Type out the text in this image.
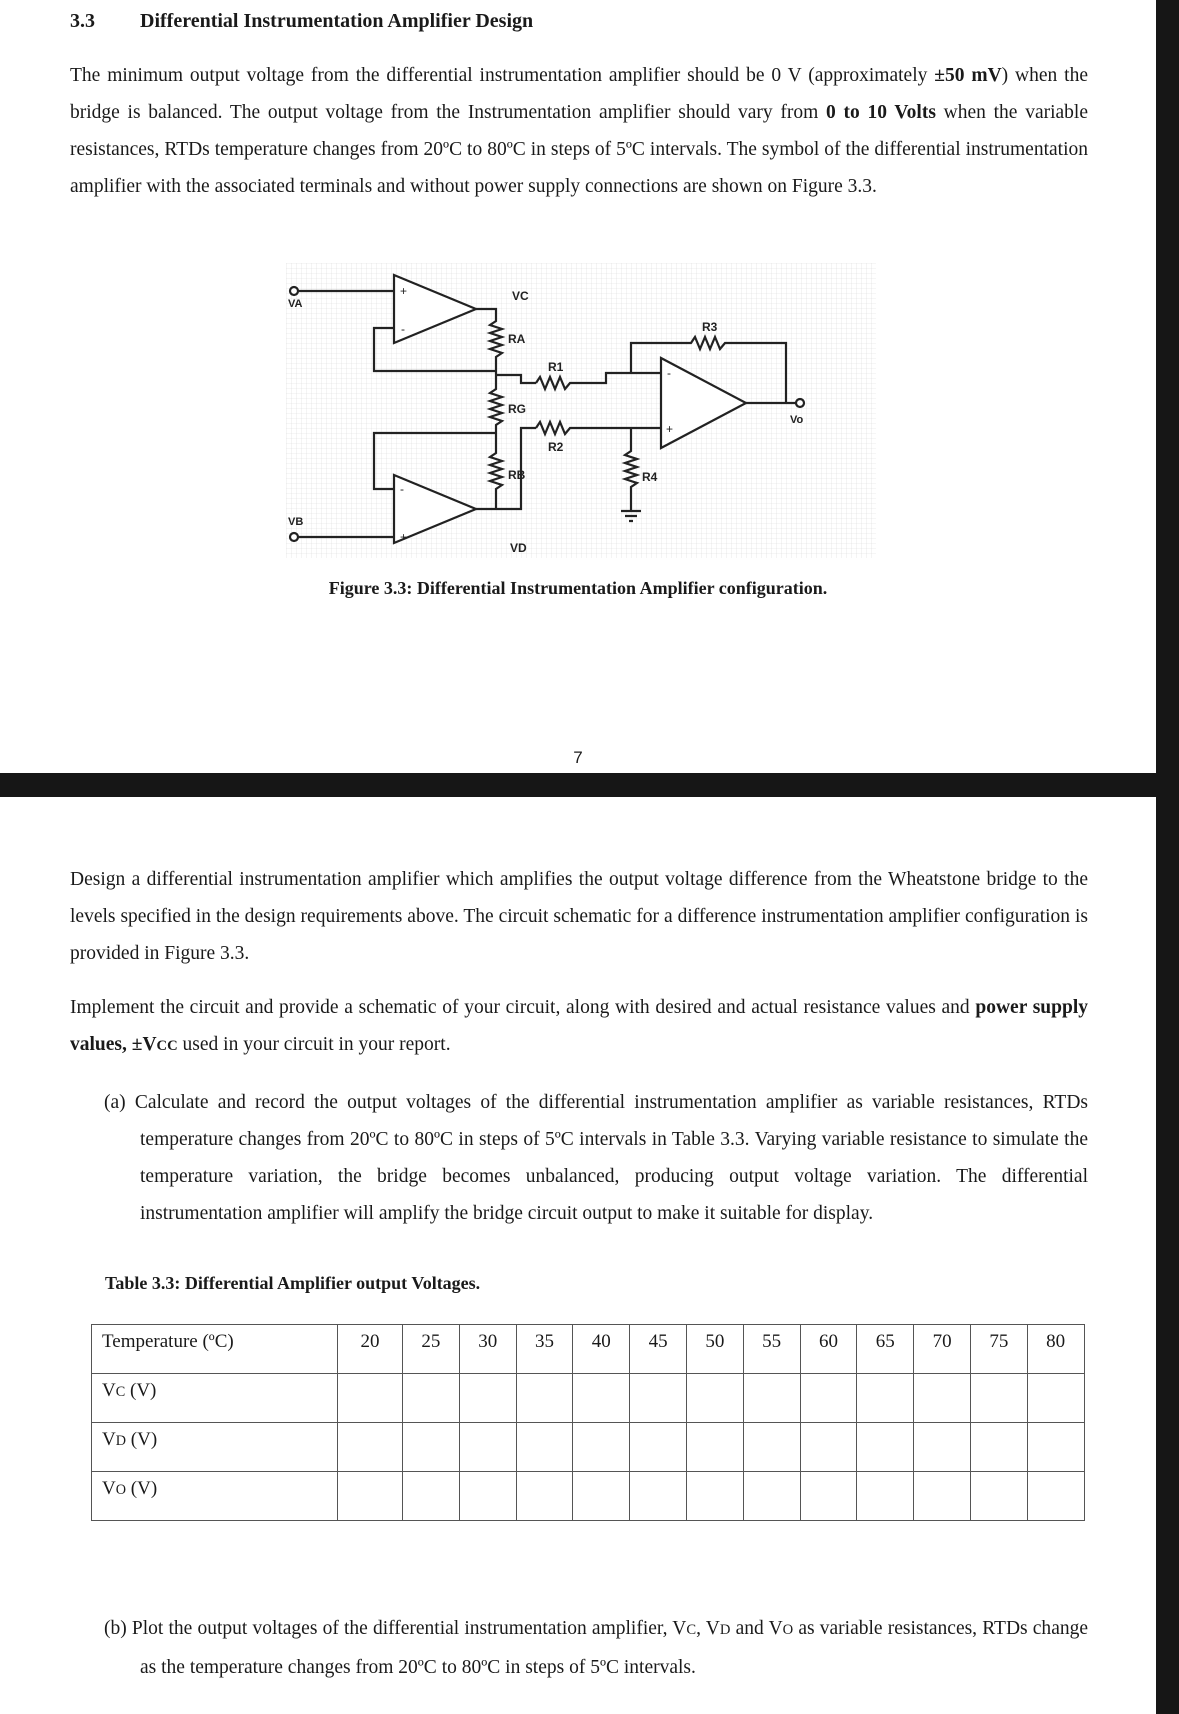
3.3 Differential Instrumentation Amplifier Design
The minimum output voltage from the differential instrumentation amplifier should be 0 V (approximately ±50 mV) when the bridge is balanced. The output voltage from the Instrumentation amplifier should vary from 0 to 10 Volts when the variable resistances, RTDs temperature changes from 20ºC to 80ºC in steps of 5ºC intervals. The symbol of the differential instrumentation amplifier with the associated terminals and without power supply connections are shown on Figure 3.3.
VA
VB
+
-
-
+
-
+
VC
VD
RA
RG
RB
R1
R2
R3
R4
Vo
Figure 3.3: Differential Instrumentation Amplifier configuration.
7
Design a differential instrumentation amplifier which amplifies the output voltage difference from the Wheatstone bridge to the levels specified in the design requirements above. The circuit schematic for a difference instrumentation amplifier configuration is provided in Figure 3.3.
Implement the circuit and provide a schematic of your circuit, along with desired and actual resistance values and power supply values, ±VCC used in your circuit in your report.
(a) Calculate and record the output voltages of the differential instrumentation amplifier as variable resistances, RTDs temperature changes from 20ºC to 80ºC in steps of 5ºC intervals in Table 3.3. Varying variable resistance to simulate the temperature variation, the bridge becomes unbalanced, producing output voltage variation. The differential instrumentation amplifier will amplify the bridge circuit output to make it suitable for display.
Table 3.3: Differential Amplifier output Voltages.
Temperature (ºC)	20	25	30	35	40	45	50	55	60	65	70	75	80
VC (V)													
VD (V)													
VO (V)													
(b) Plot the output voltages of the differential instrumentation amplifier, VC, VD and VO as variable resistances, RTDs change as the temperature changes from 20ºC to 80ºC in steps of 5ºC intervals.
